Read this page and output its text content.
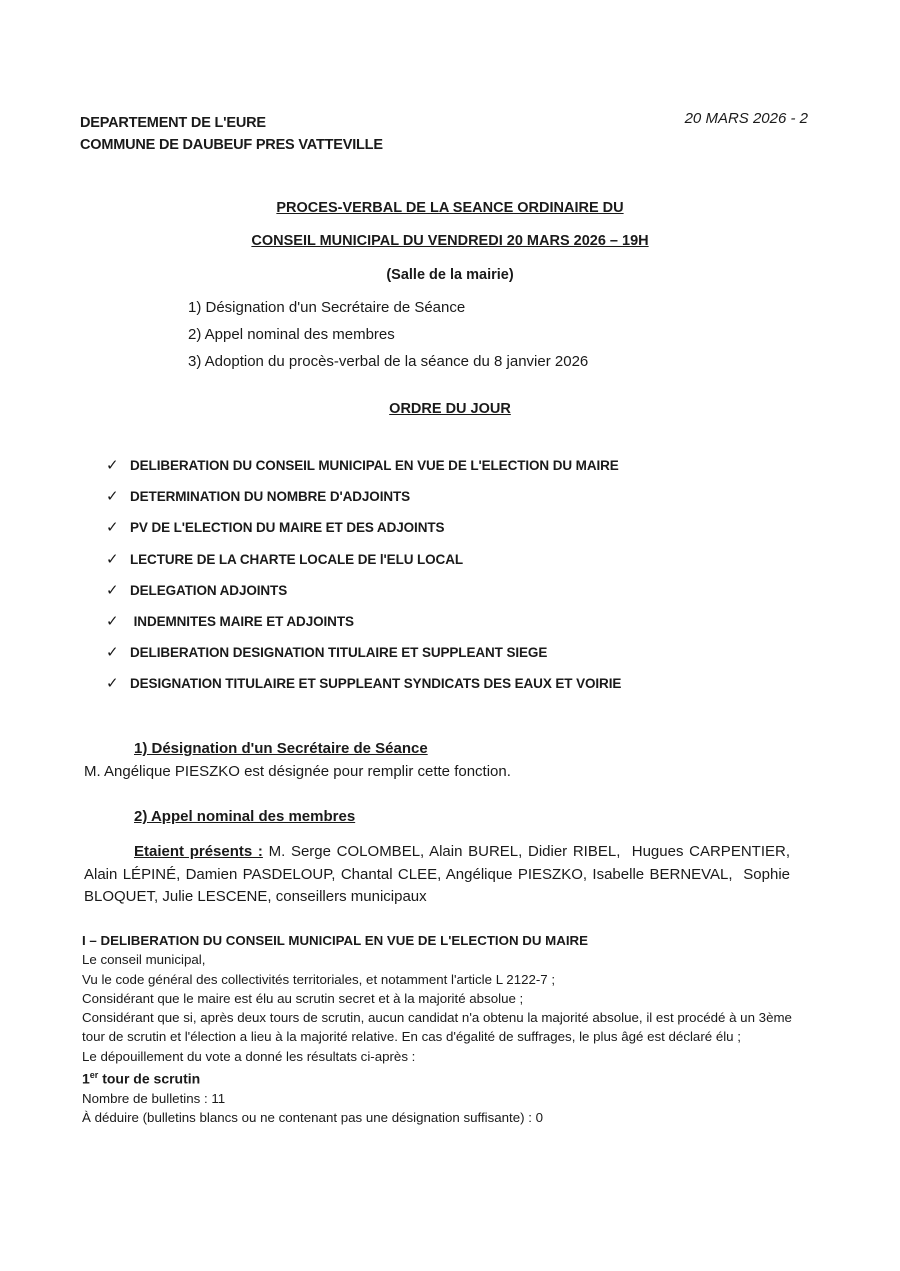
DEPARTEMENT DE L'EURE
COMMUNE DE DAUBEUF PRES VATTEVILLE
20 MARS 2026 - 2
PROCES-VERBAL DE LA SEANCE ORDINAIRE DU
CONSEIL MUNICIPAL DU VENDREDI 20 MARS 2026 – 19H
(Salle de la mairie)
1) Désignation d'un Secrétaire de Séance
2) Appel nominal des membres
3) Adoption du procès-verbal de la séance du 8 janvier 2026
ORDRE DU JOUR
✓ DELIBERATION DU CONSEIL MUNICIPAL EN VUE DE L'ELECTION DU MAIRE
✓ DETERMINATION DU NOMBRE D'ADJOINTS
✓ PV DE L'ELECTION DU MAIRE ET DES ADJOINTS
✓ LECTURE DE LA CHARTE LOCALE DE l'ELU LOCAL
✓ DELEGATION ADJOINTS
✓ INDEMNITES MAIRE ET ADJOINTS
✓ DELIBERATION DESIGNATION TITULAIRE ET SUPPLEANT SIEGE
✓ DESIGNATION TITULAIRE ET SUPPLEANT SYNDICATS DES EAUX ET VOIRIE
1) Désignation d'un Secrétaire de Séance
M. Angélique PIESZKO est désignée pour remplir cette fonction.
2) Appel nominal des membres
Etaient présents : M. Serge COLOMBEL, Alain BUREL, Didier RIBEL,  Hugues CARPENTIER, Alain LÉPINÉ, Damien PASDELOUP, Chantal CLEE, Angélique PIESZKO, Isabelle BERNEVAL,  Sophie BLOQUET, Julie LESCENE, conseillers municipaux
I – DELIBERATION DU CONSEIL MUNICIPAL EN VUE DE L'ELECTION DU MAIRE
Le conseil municipal,
Vu le code général des collectivités territoriales, et notamment l'article L 2122-7 ;
Considérant que le maire est élu au scrutin secret et à la majorité absolue ;
Considérant que si, après deux tours de scrutin, aucun candidat n'a obtenu la majorité absolue, il est procédé à un 3ème tour de scrutin et l'élection a lieu à la majorité relative. En cas d'égalité de suffrages, le plus âgé est déclaré élu ;
Le dépouillement du vote a donné les résultats ci-après :
1er tour de scrutin
Nombre de bulletins : 11
À déduire (bulletins blancs ou ne contenant pas une désignation suffisante) : 0
